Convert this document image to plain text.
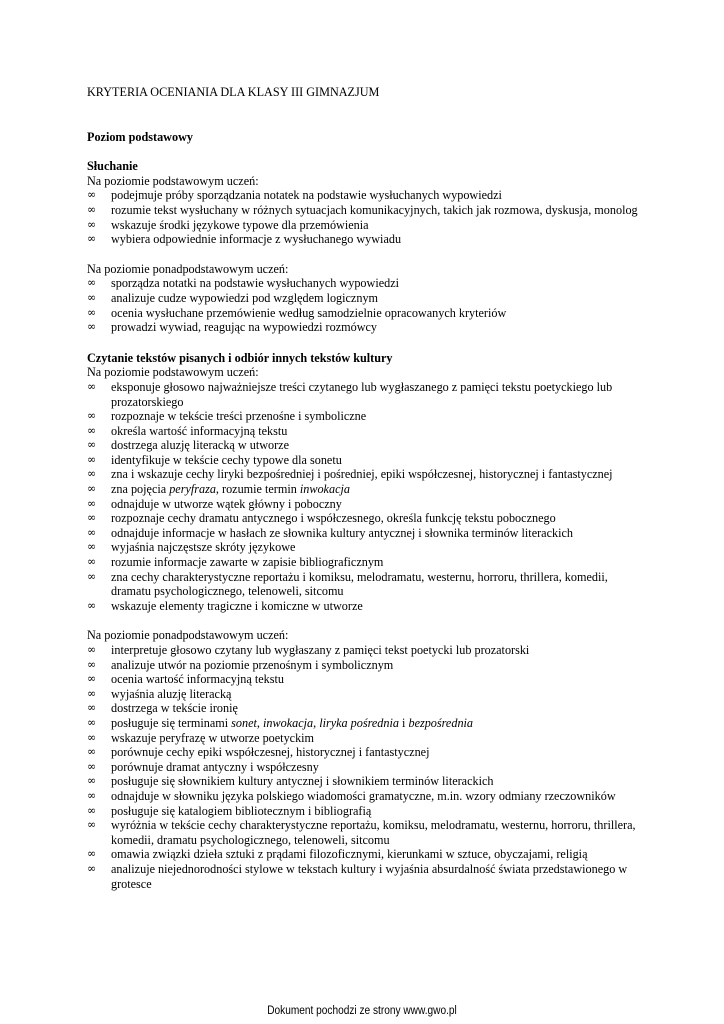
KRYTERIA OCENIANIA DLA KLASY III GIMNAZJUM

Poziom podstawowy

Słuchanie

Na poziomie podstawowym uczeń:

∞ podejmuje próby sporządzania notatek na podstawie wysłuchanych wypowiedzi
∞ rozumie tekst wysłuchany w różnych sytuacjach komunikacyjnych, takich jak rozmowa, dyskusja, monolog
∞ wskazuje środki językowe typowe dla przemówienia
∞ wybiera odpowiednie informacje z wysłuchanego wywiadu

Na poziomie ponadpodstawowym uczeń:

∞ sporządza notatki na podstawie wysłuchanych wypowiedzi
∞ analizuje cudze wypowiedzi pod względem logicznym
∞ ocenia wysłuchane przemówienie według samodzielnie opracowanych kryteriów
∞ prowadzi wywiad, reagując na wypowiedzi rozmówcy

Czytanie tekstów pisanych i odbiór innych tekstów kultury

Na poziomie podstawowym uczeń:

∞ eksponuje głosowo najważniejsze treści czytanego lub wygłaszanego z pamięci tekstu poetyckiego lub prozatorskiego
∞ rozpoznaje w tekście treści przenośne i symboliczne
∞ określa wartość informacyjną tekstu
∞ dostrzega aluzję literacką w utworze
∞ identyfikuje w tekście cechy typowe dla sonetu
∞ zna i wskazuje cechy liryki bezpośredniej i pośredniej, epiki współczesnej, historycznej i fantastycznej
∞ zna pojęcia peryfraza, rozumie termin inwokacja
∞ odnajduje w utworze wątek główny i poboczny
∞ rozpoznaje cechy dramatu antycznego i współczesnego, określa funkcję tekstu pobocznego
∞ odnajduje informacje w hasłach ze słownika kultury antycznej i słownika terminów literackich
∞ wyjaśnia najczęstsze skróty językowe
∞ rozumie informacje zawarte w zapisie bibliograficznym
∞ zna cechy charakterystyczne reportażu i komiksu, melodramatu, westernu, horroru, thrillera, komedii, dramatu psychologicznego, telenoweli, sitcomu
∞ wskazuje elementy tragiczne i komiczne w utworze

Na poziomie ponadpodstawowym uczeń:

∞ interpretuje głosowo czytany lub wygłaszany z pamięci tekst poetycki lub prozatorski
∞ analizuje utwór na poziomie przenośnym i symbolicznym
∞ ocenia wartość informacyjną tekstu
∞ wyjaśnia aluzję literacką
∞ dostrzega w tekście ironię
∞ posługuje się terminami sonet, inwokacja, liryka pośrednia i bezpośrednia
∞ wskazuje peryfrazę w utworze poetyckim
∞ porównuje cechy epiki współczesnej, historycznej i fantastycznej
∞ porównuje dramat antyczny i współczesny
∞ posługuje się słownikiem kultury antycznej i słownikiem terminów literackich
∞ odnajduje w słowniku języka polskiego wiadomości gramatyczne, m.in. wzory odmiany rzeczowników
∞ posługuje się katalogiem bibliotecznym i bibliografią
∞ wyróżnia w tekście cechy charakterystyczne reportażu, komiksu, melodramatu, westernu, horroru, thrillera, komedii, dramatu psychologicznego, telenoweli, sitcomu
∞ omawia związki dzieła sztuki z prądami filozoficznymi, kierunkami w sztuce, obyczajami, religią
∞ analizuje niejednorodności stylowe w tekstach kultury i wyjaśnia absurdalność świata przedstawionego w grotesce
Dokument pochodzi ze strony www.gwo.pl
